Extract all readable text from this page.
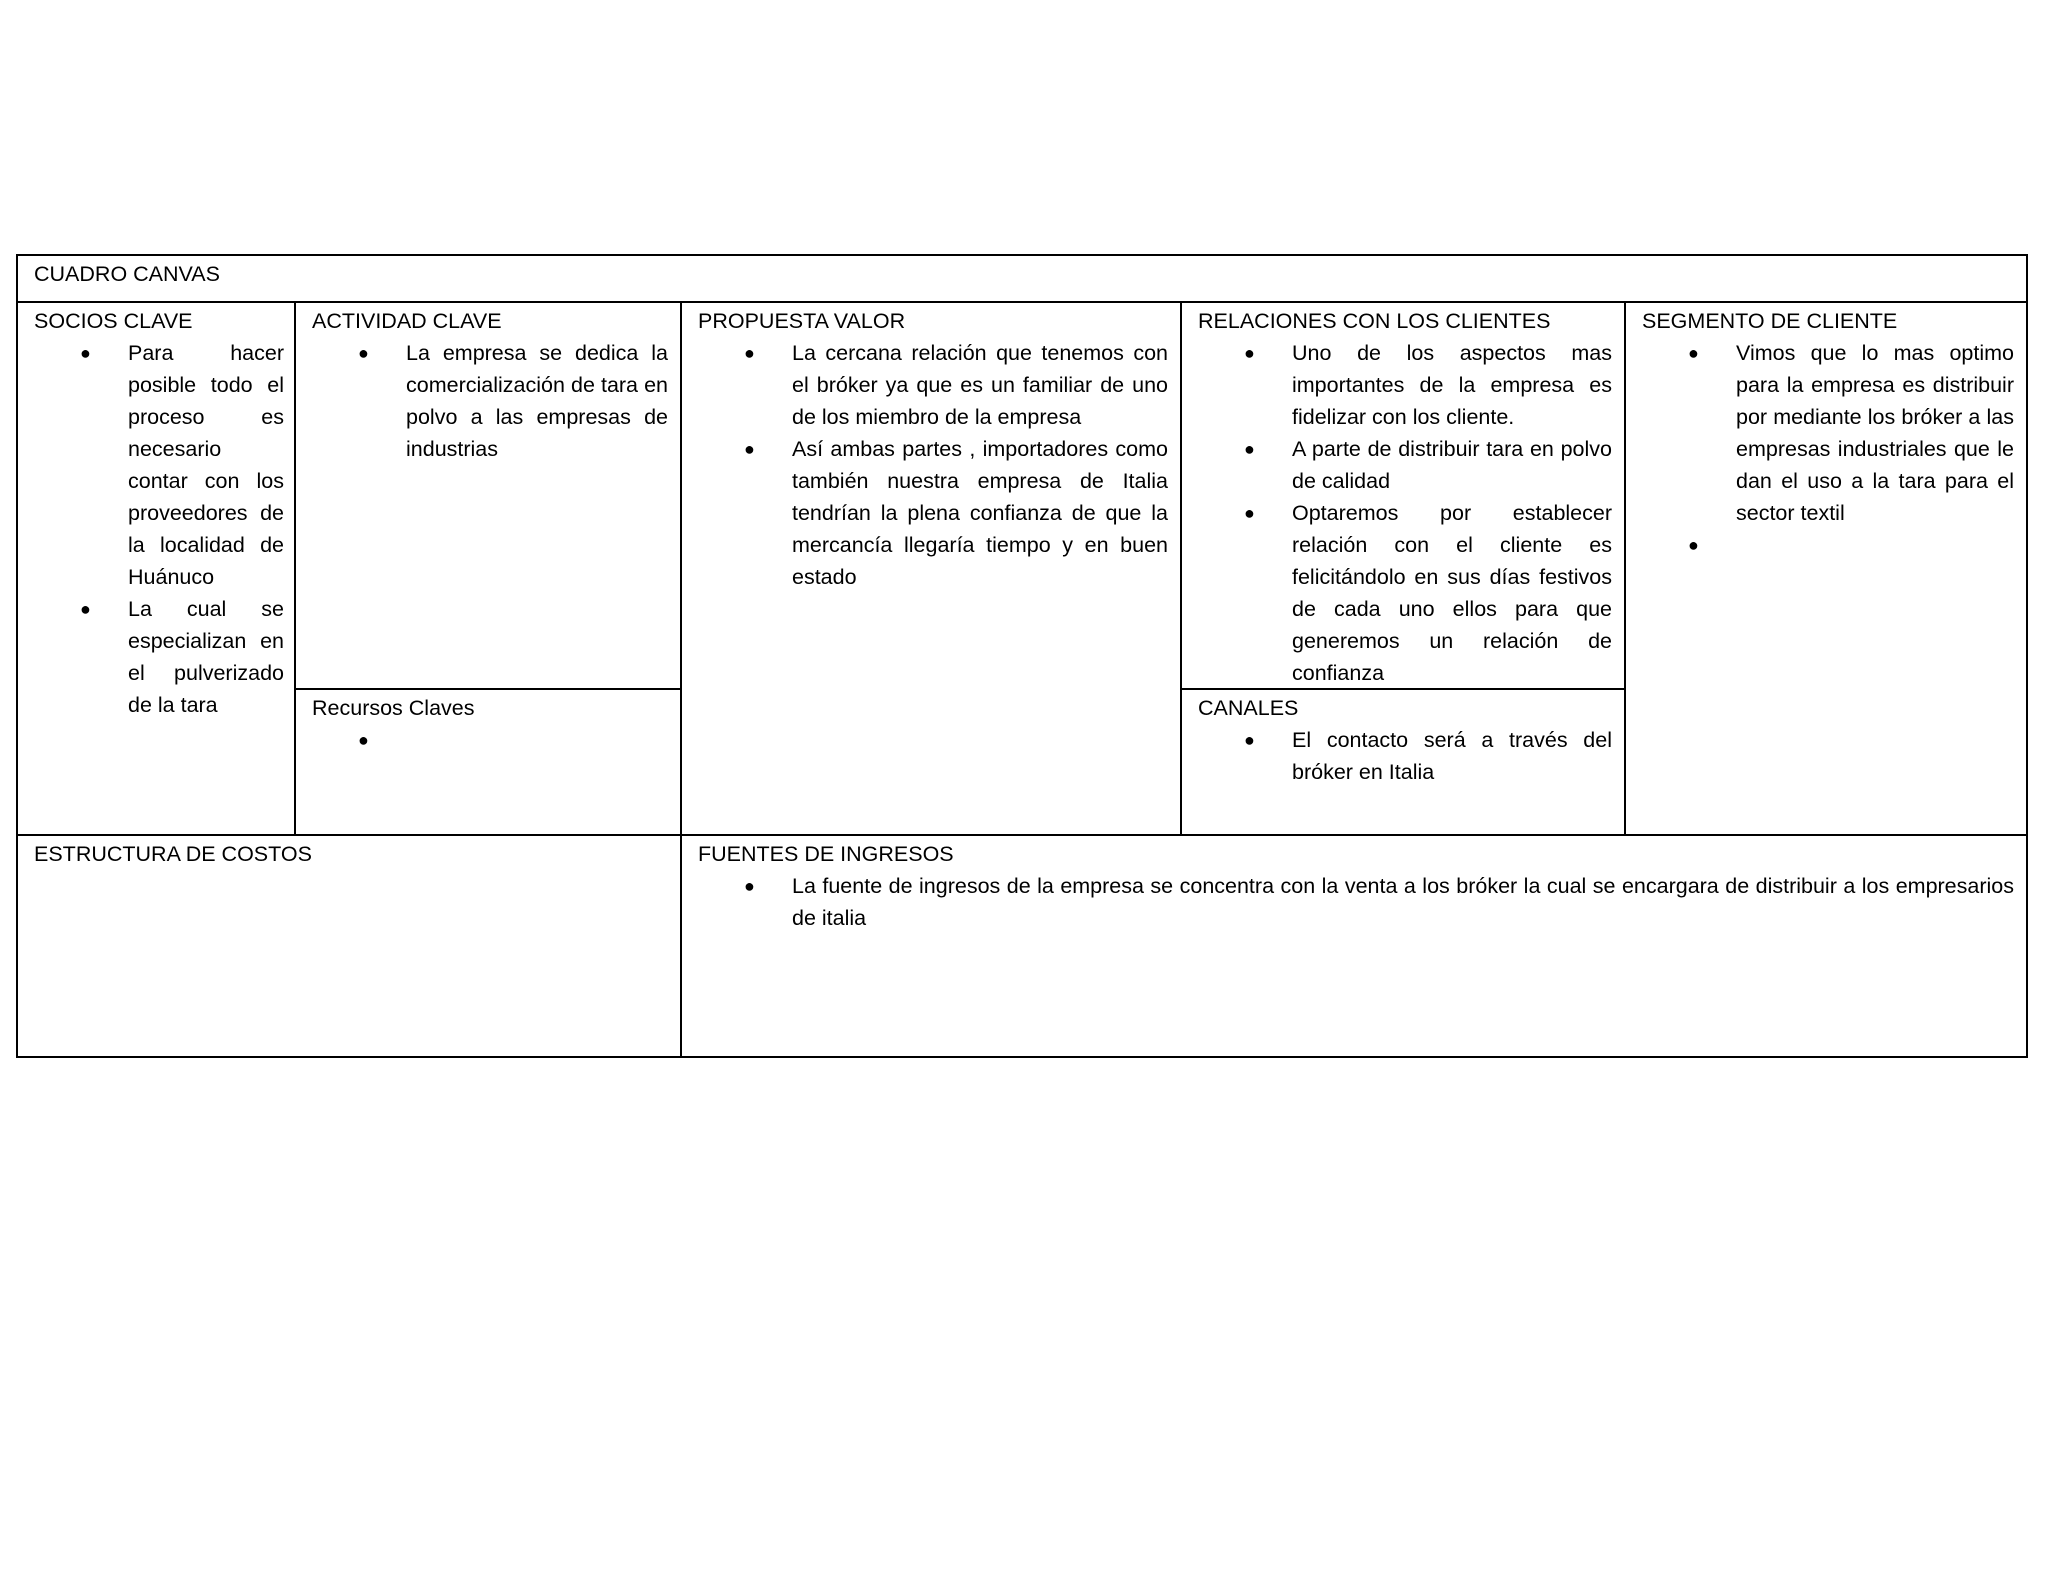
CUADRO CANVAS
SOCIOS CLAVE
● Para hacer posible todo el proceso es necesario contar con los proveedores de la localidad de Huánuco
● La cual se especializan en el pulverizado de la tara
ACTIVIDAD CLAVE
● La empresa se dedica la comercialización de tara en polvo a las empresas de industrias
Recursos Claves
●
PROPUESTA VALOR
● La cercana relación que tenemos con el bróker ya que es un familiar de uno de los miembro de la empresa
● Así ambas partes , importadores como también nuestra empresa de Italia tendrían la plena confianza de que la mercancía llegaría tiempo y en buen estado
RELACIONES CON LOS CLIENTES
● Uno de los aspectos mas importantes de la empresa es fidelizar con los cliente.
● A parte de distribuir tara en polvo de calidad
● Optaremos por establecer relación con el cliente es felicitándolo en sus días festivos de cada uno ellos para que generemos un relación de confianza
CANALES
● El contacto será a través del bróker en Italia
SEGMENTO DE CLIENTE
● Vimos que lo mas optimo para la empresa es distribuir por mediante los bróker a las empresas industriales que le dan el uso a la tara para el sector textil
●
ESTRUCTURA DE COSTOS	FUENTES DE INGRESOS
● La fuente de ingresos de la empresa se concentra con la venta a los bróker la cual se encargara de distribuir a los empresarios de italia
